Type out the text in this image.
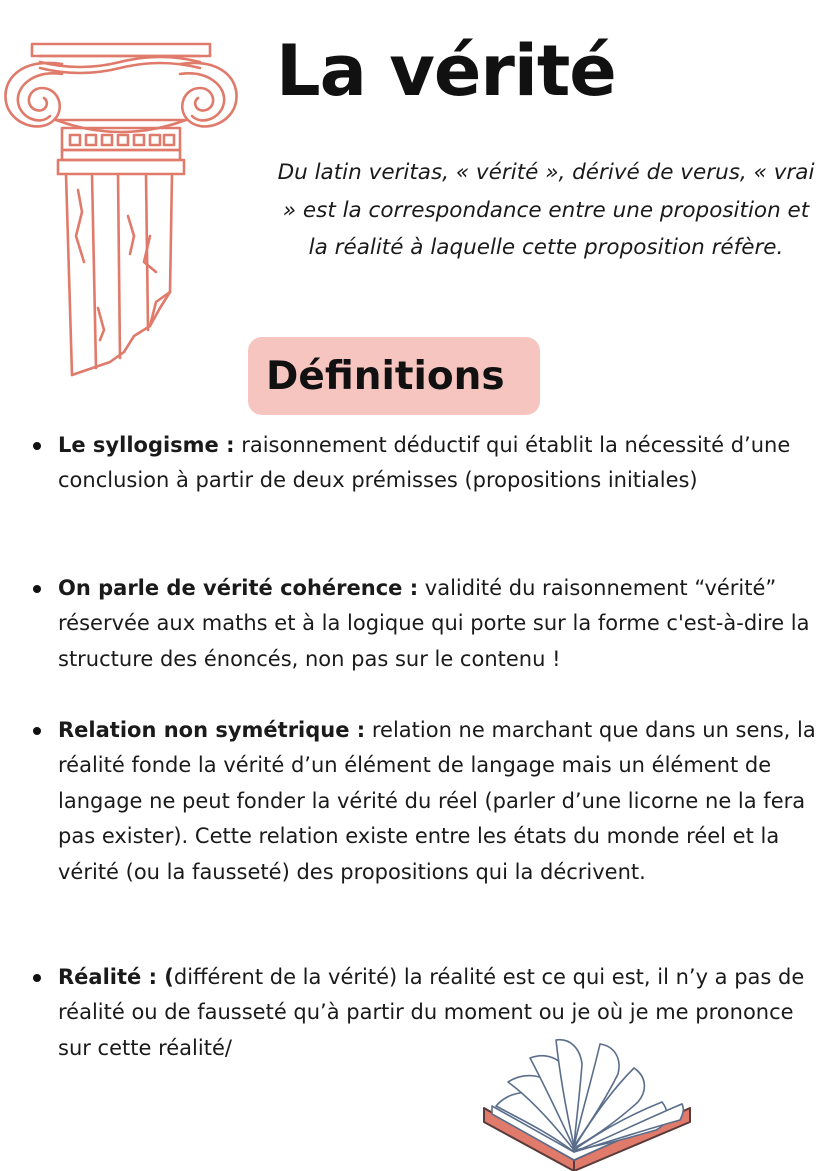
La vérité

Du latin veritas, « vérité », dérivé de verus, « vrai » est la correspondance entre une proposition et la réalité à laquelle cette proposition réfère.

Définitions
Le syllogisme : raisonnement déductif qui établit la nécessité d’une conclusion à partir de deux prémisses (propositions initiales)
On parle de vérité cohérence : validité du raisonnement “vérité” réservée aux maths et à la logique qui porte sur la forme c'est-à-dire la structure des énoncés, non pas sur le contenu !
Relation non symétrique : relation ne marchant que dans un sens, la réalité fonde la vérité d’un élément de langage mais un élément de langage ne peut fonder la vérité du réel (parler d’une licorne ne la fera pas exister). Cette relation existe entre les états du monde réel et la vérité (ou la fausseté) des propositions qui la décrivent.
Réalité : (différent de la vérité) la réalité est ce qui est, il n’y a pas de réalité ou de fausseté qu’à partir du moment ou je où je me prononce sur cette réalité/
